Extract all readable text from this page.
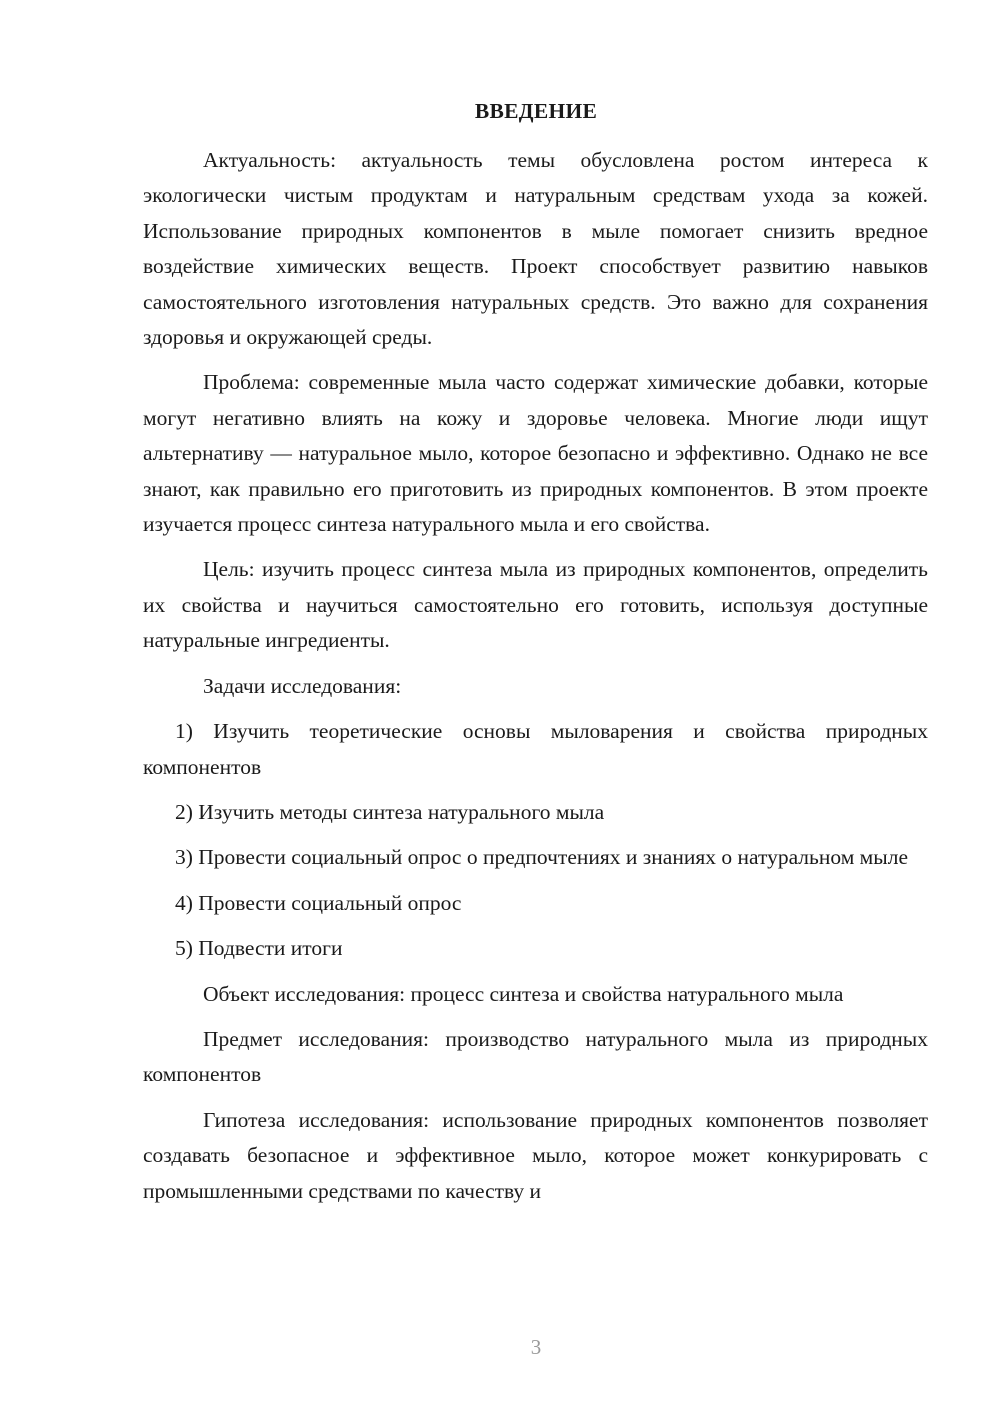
ВВЕДЕНИЕ

Актуальность: актуальность темы обусловлена ростом интереса к экологически чистым продуктам и натуральным средствам ухода за кожей. Использование природных компонентов в мыле помогает снизить вредное воздействие химических веществ. Проект способствует развитию навыков самостоятельного изготовления натуральных средств. Это важно для сохранения здоровья и окружающей среды.

Проблема: современные мыла часто содержат химические добавки, которые могут негативно влиять на кожу и здоровье человека. Многие люди ищут альтернативу — натуральное мыло, которое безопасно и эффективно. Однако не все знают, как правильно его приготовить из природных компонентов. В этом проекте изучается процесс синтеза натурального мыла и его свойства.

Цель: изучить процесс синтеза мыла из природных компонентов, определить их свойства и научиться самостоятельно его готовить, используя доступные натуральные ингредиенты.

Задачи исследования:

1) Изучить теоретические основы мыловарения и свойства природных компонентов

2) Изучить методы синтеза натурального мыла

3) Провести социальный опрос о предпочтениях и знаниях о натуральном мыле

4) Провести социальный опрос

5) Подвести итоги

Объект исследования: процесс синтеза и свойства натурального мыла

Предмет исследования: производство натурального мыла из природных компонентов

Гипотеза исследования: использование природных компонентов позволяет создавать безопасное и эффективное мыло, которое может конкурировать с промышленными средствами по качеству и

3
